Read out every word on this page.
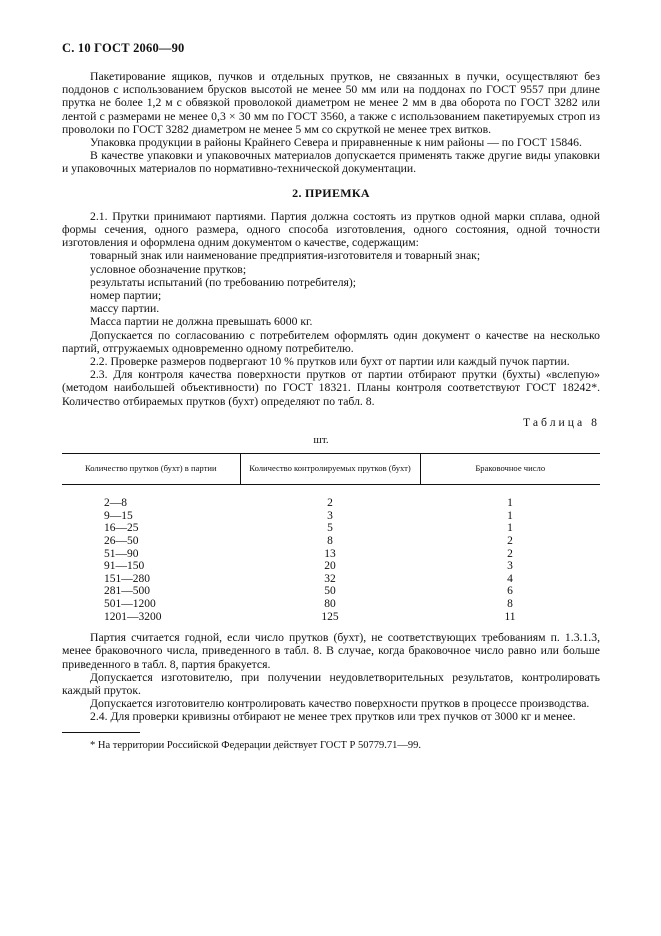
С. 10 ГОСТ 2060—90

Пакетирование ящиков, пучков и отдельных прутков, не связанных в пучки, осуществляют без поддонов с использованием брусков высотой не менее 50 мм или на поддонах по ГОСТ 9557 при длине прутка не более 1,2 м с обвязкой проволокой диаметром не менее 2 мм в два оборота по ГОСТ 3282 или лентой с размерами не менее 0,3 × 30 мм по ГОСТ 3560, а также с использованием пакетируемых строп из проволоки по ГОСТ 3282 диаметром не менее 5 мм со скруткой не менее трех витков.

Упаковка продукции в районы Крайнего Севера и приравненные к ним районы — по ГОСТ 15846.

В качестве упаковки и упаковочных материалов допускается применять также другие виды упаковки и упаковочных материалов по нормативно-технической документации.

2. ПРИЕМКА

2.1. Прутки принимают партиями. Партия должна состоять из прутков одной марки сплава, одной формы сечения, одного размера, одного способа изготовления, одного состояния, одной точности изготовления и оформлена одним документом о качестве, содержащим:

товарный знак или наименование предприятия-изготовителя и товарный знак;

условное обозначение прутков;

результаты испытаний (по требованию потребителя);

номер партии;

массу партии.

Масса партии не должна превышать 6000 кг.

Допускается по согласованию с потребителем оформлять один документ о качестве на несколько партий, отгружаемых одновременно одному потребителю.

2.2. Проверке размеров подвергают 10 % прутков или бухт от партии или каждый пучок партии.

2.3. Для контроля качества поверхности прутков от партии отбирают прутки (бухты) «вслепую» (методом наибольшей объективности) по ГОСТ 18321. Планы контроля соответствуют ГОСТ 18242*. Количество отбираемых прутков (бухт) определяют по табл. 8.

Таблица 8

шт.

Количество прутков (бухт) в партии	Количество контролируемых прутков (бухт)	Браковочное число
2—8	2	1
9—15	3	1
16—25	5	1
26—50	8	2
51—90	13	2
91—150	20	3
151—280	32	4
281—500	50	6
501—1200	80	8
1201—3200	125	11

Партия считается годной, если число прутков (бухт), не соответствующих требованиям п. 1.3.1.3, менее браковочного числа, приведенного в табл. 8. В случае, когда браковочное число равно или больше приведенного в табл. 8, партия бракуется.

Допускается изготовителю, при получении неудовлетворительных результатов, контролировать каждый пруток.

Допускается изготовителю контролировать качество поверхности прутков в процессе производства.

2.4. Для проверки кривизны отбирают не менее трех прутков или трех пучков от 3000 кг и менее.

* На территории Российской Федерации действует ГОСТ Р 50779.71—99.
